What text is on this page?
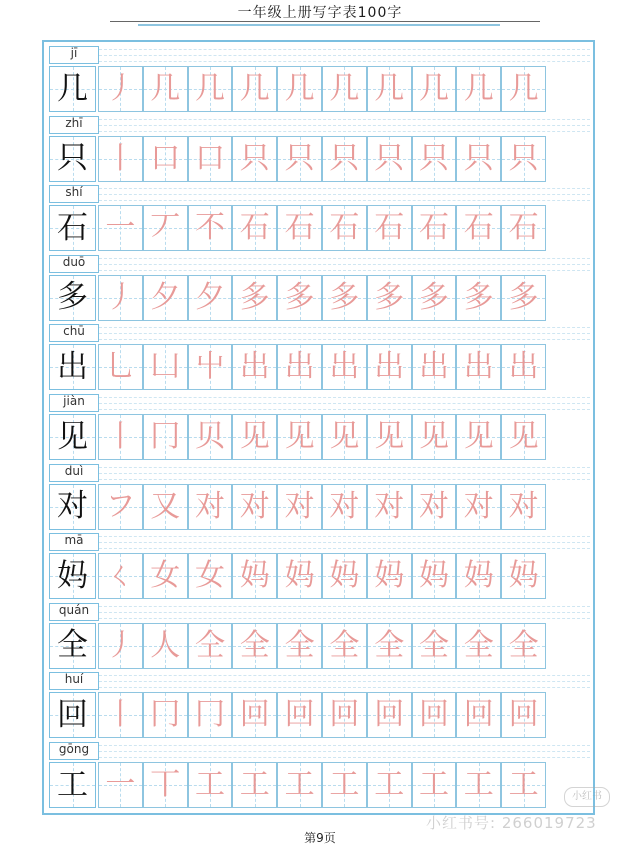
一年级上册写字表100字
jī
几 丿 几 几 几 几 几 几 几 几 几
zhī
只 丨 口 口 只 只 只 只 只 只 只
shí
石 一 丆 不 石 石 石 石 石 石 石
duō
多 丿 夕 夕 多 多 多 多 多 多 多
chū
出 乚 凵 屮 出 出 出 出 出 出 出
jiàn
见 丨 冂 贝 见 见 见 见 见 见 见
duì
对 フ 又 对 对 对 对 对 对 对 对
mā
妈 ㄑ 女 女 妈 妈 妈 妈 妈 妈 妈
quán
全 丿 人 仝 全 全 全 全 全 全 全
huí
回 丨 冂 冂 回 回 回 回 回 回 回
gōng
工 一 丅 工 工 工 工 工 工 工 工
第9页
小红书
小红书号: 266019723
